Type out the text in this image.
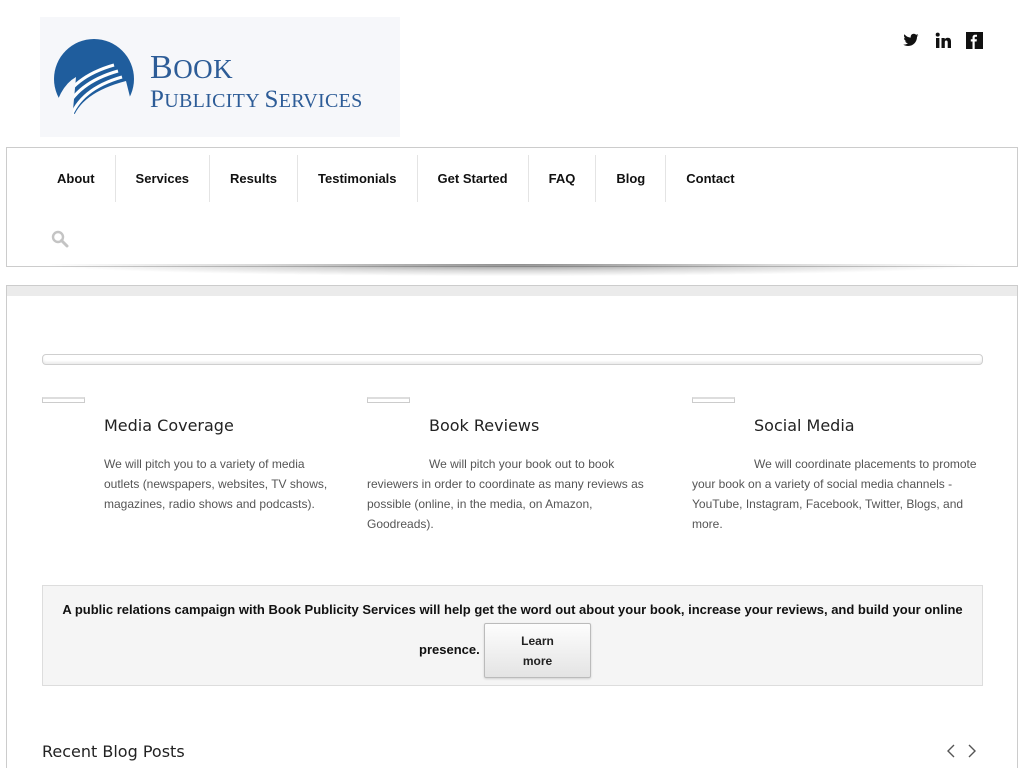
BOOK
PUBLICITY SERVICES
About	Services	Results	Testimonials	Get Started	FAQ	Blog	Contact
Media Coverage

We will pitch you to a variety of media outlets (newspapers, websites, TV shows, magazines, radio shows and podcasts).

Book Reviews

We will pitch your book out to book reviewers in order to coordinate as many reviews as possible (online, in the media, on Amazon, Goodreads).

Social Media

We will coordinate placements to promote your book on a variety of social media channels - YouTube, Instagram, Facebook, Twitter, Blogs, and more.

A public relations campaign with Book Publicity Services will help get the word out about your book, increase your reviews, and build your online
presence.
Learn
more
Recent Blog Posts
